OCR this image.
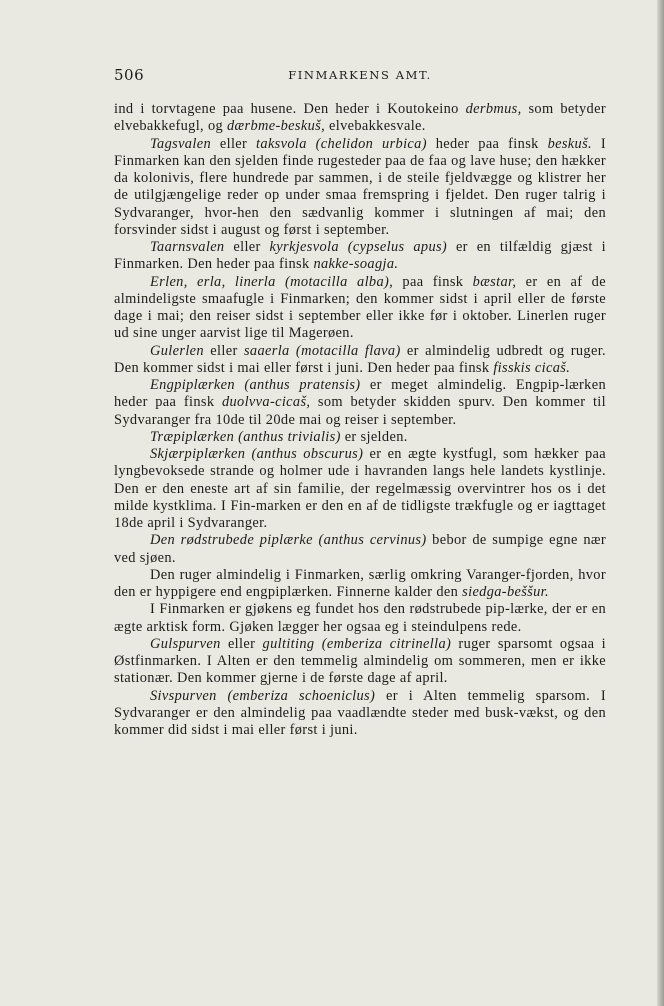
506	FINMARKENS AMT.

ind i torvtagene paa husene. Den heder i Koutokeino derbmus, som betyder elvebakkefugl, og dærbme-beskuš, elvebakkesvale.

Tagsvalen eller taksvola (chelidon urbica) heder paa finsk beskuš. I Finmarken kan den sjelden finde rugesteder paa de faa og lave huse; den hækker da kolonivis, flere hundrede par sammen, i de steile fjeldvægge og klistrer her de utilgjængelige reder op under smaa fremspring i fjeldet. Den ruger talrig i Sydvaranger, hvor-hen den sædvanlig kommer i slutningen af mai; den forsvinder sidst i august og først i september.

Taarnsvalen eller kyrkjesvola (cypselus apus) er en tilfældig gjæst i Finmarken. Den heder paa finsk nakke-soagja.

Erlen, erla, linerla (motacilla alba), paa finsk bæstar, er en af de almindeligste smaafugle i Finmarken; den kommer sidst i april eller de første dage i mai; den reiser sidst i september eller ikke før i oktober. Linerlen ruger ud sine unger aarvist lige til Magerøen.

Gulerlen eller saaerla (motacilla flava) er almindelig udbredt og ruger. Den kommer sidst i mai eller først i juni. Den heder paa finsk fisskis cicaš.

Engpiplærken (anthus pratensis) er meget almindelig. Engpip-lærken heder paa finsk duolvva-cicaš, som betyder skidden spurv. Den kommer til Sydvaranger fra 10de til 20de mai og reiser i september.

Træpiplærken (anthus trivialis) er sjelden.

Skjærpiplærken (anthus obscurus) er en ægte kystfugl, som hækker paa lyngbevoksede strande og holmer ude i havranden langs hele landets kystlinje. Den er den eneste art af sin familie, der regelmæssig overvintrer hos os i det milde kystklima. I Fin-marken er den en af de tidligste trækfugle og er iagttaget 18de april i Sydvaranger.

Den rødstrubede piplærke (anthus cervinus) bebor de sumpige egne nær ved sjøen.

Den ruger almindelig i Finmarken, særlig omkring Varanger-fjorden, hvor den er hyppigere end engpiplærken. Finnerne kalder den siedga-beššur.

I Finmarken er gjøkens eg fundet hos den rødstrubede pip-lærke, der er en ægte arktisk form. Gjøken lægger her ogsaa eg i steindulpens rede.

Gulspurven eller gultiting (emberiza citrinella) ruger sparsomt ogsaa i Østfinmarken. I Alten er den temmelig almindelig om sommeren, men er ikke stationær. Den kommer gjerne i de første dage af april.

Sivspurven (emberiza schoeniclus) er i Alten temmelig sparsom. I Sydvaranger er den almindelig paa vaadlændte steder med busk-vækst, og den kommer did sidst i mai eller først i juni.
